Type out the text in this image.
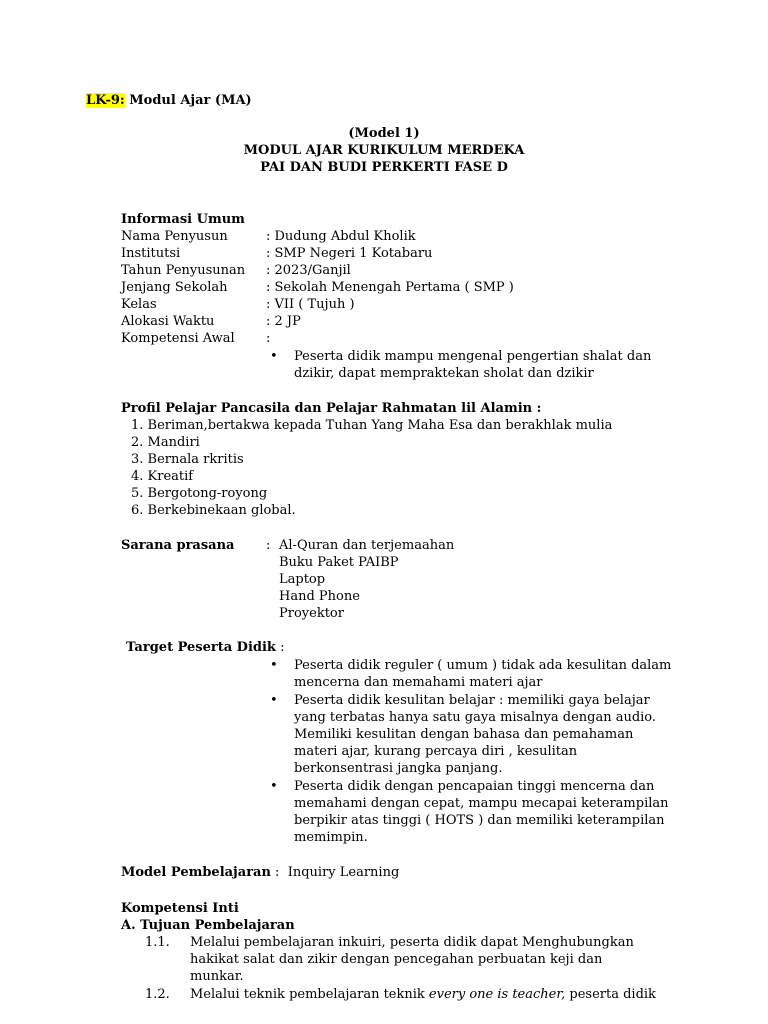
LK-9: Modul Ajar (MA)
(Model 1)
MODUL AJAR KURIKULUM MERDEKA
PAI DAN BUDI PERKERTI FASE D
Informasi Umum
Nama Penyusun	: Dudung Abdul Kholik
Institutsi	: SMP Negeri 1 Kotabaru
Tahun Penyusunan : 2023/Ganjil
Jenjang Sekolah	: Sekolah Menengah Pertama ( SMP )
Kelas	: VII ( Tujuh )
Alokasi Waktu	: 2 JP
Kompetensi Awal :
•	Peserta didik mampu mengenal pengertian shalat dan dzikir, dapat mempraktekan sholat dan dzikir
Profil Pelajar Pancasila dan Pelajar Rahmatan lil Alamin :
1. Beriman,bertakwa kepada Tuhan Yang Maha Esa dan berakhlak mulia
2. Mandiri
3. Bernala rkritis
4. Kreatif
5. Bergotong-royong
6. Berkebinekaan global.
Sarana prasana : Al-Quran dan terjemaahan
Buku Paket PAIBP
Laptop
Hand Phone
Proyektor
Target Peserta Didik :
•	Peserta didik reguler ( umum ) tidak ada kesulitan dalam mencerna dan memahami materi ajar
•	Peserta didik kesulitan belajar : memiliki gaya belajar yang terbatas hanya satu gaya misalnya dengan audio. Memiliki kesulitan dengan bahasa dan pemahaman materi ajar, kurang percaya diri , kesulitan berkonsentrasi jangka panjang.
•	Peserta didik dengan pencapaian tinggi mencerna dan memahami dengan cepat, mampu mecapai keterampilan berpikir atas tinggi ( HOTS ) dan memiliki keterampilan memimpin.
Model Pembelajaran : Inquiry Learning
Kompetensi Inti
A. Tujuan Pembelajaran
1.1. Melalui pembelajaran inkuiri, peserta didik dapat Menghubungkan hakikat salat dan zikir dengan pencegahan perbuatan keji dan munkar.
1.2. Melalui teknik pembelajaran teknik every one is teacher, peserta didik
